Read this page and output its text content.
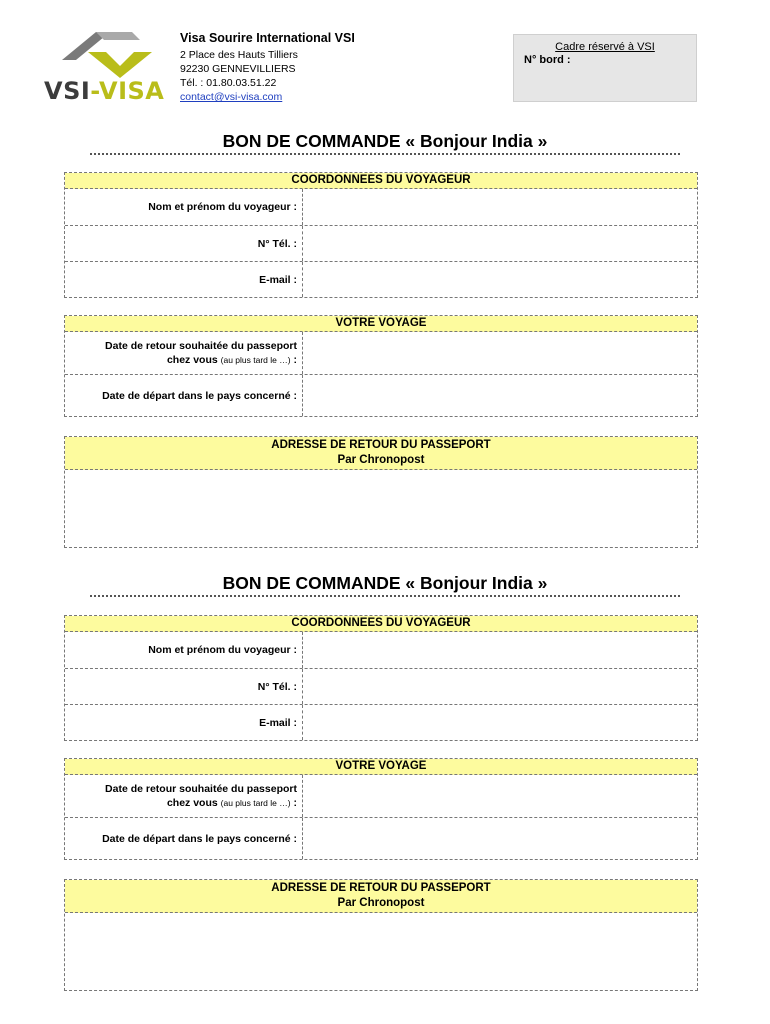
VSI-VISA
Visa Sourire International VSI
2 Place des Hauts Tilliers
92230 GENNEVILLIERS
Tél. : 01.80.03.51.22
contact@vsi-visa.com
Cadre réservé à VSI
N° bord :
BON DE COMMANDE « Bonjour India »
COORDONNEES DU VOYAGEUR
Nom et prénom du voyageur :
N° Tél. :
E-mail :
VOTRE VOYAGE
Date de retour souhaitée du passeport
chez vous (au plus tard le …) :
Date de départ dans le pays concerné :
ADRESSE DE RETOUR DU PASSEPORT
Par Chronopost
BON DE COMMANDE « Bonjour India »
COORDONNEES DU VOYAGEUR
Nom et prénom du voyageur :
N° Tél. :
E-mail :
VOTRE VOYAGE
Date de retour souhaitée du passeport
chez vous (au plus tard le …) :
Date de départ dans le pays concerné :
ADRESSE DE RETOUR DU PASSEPORT
Par Chronopost
